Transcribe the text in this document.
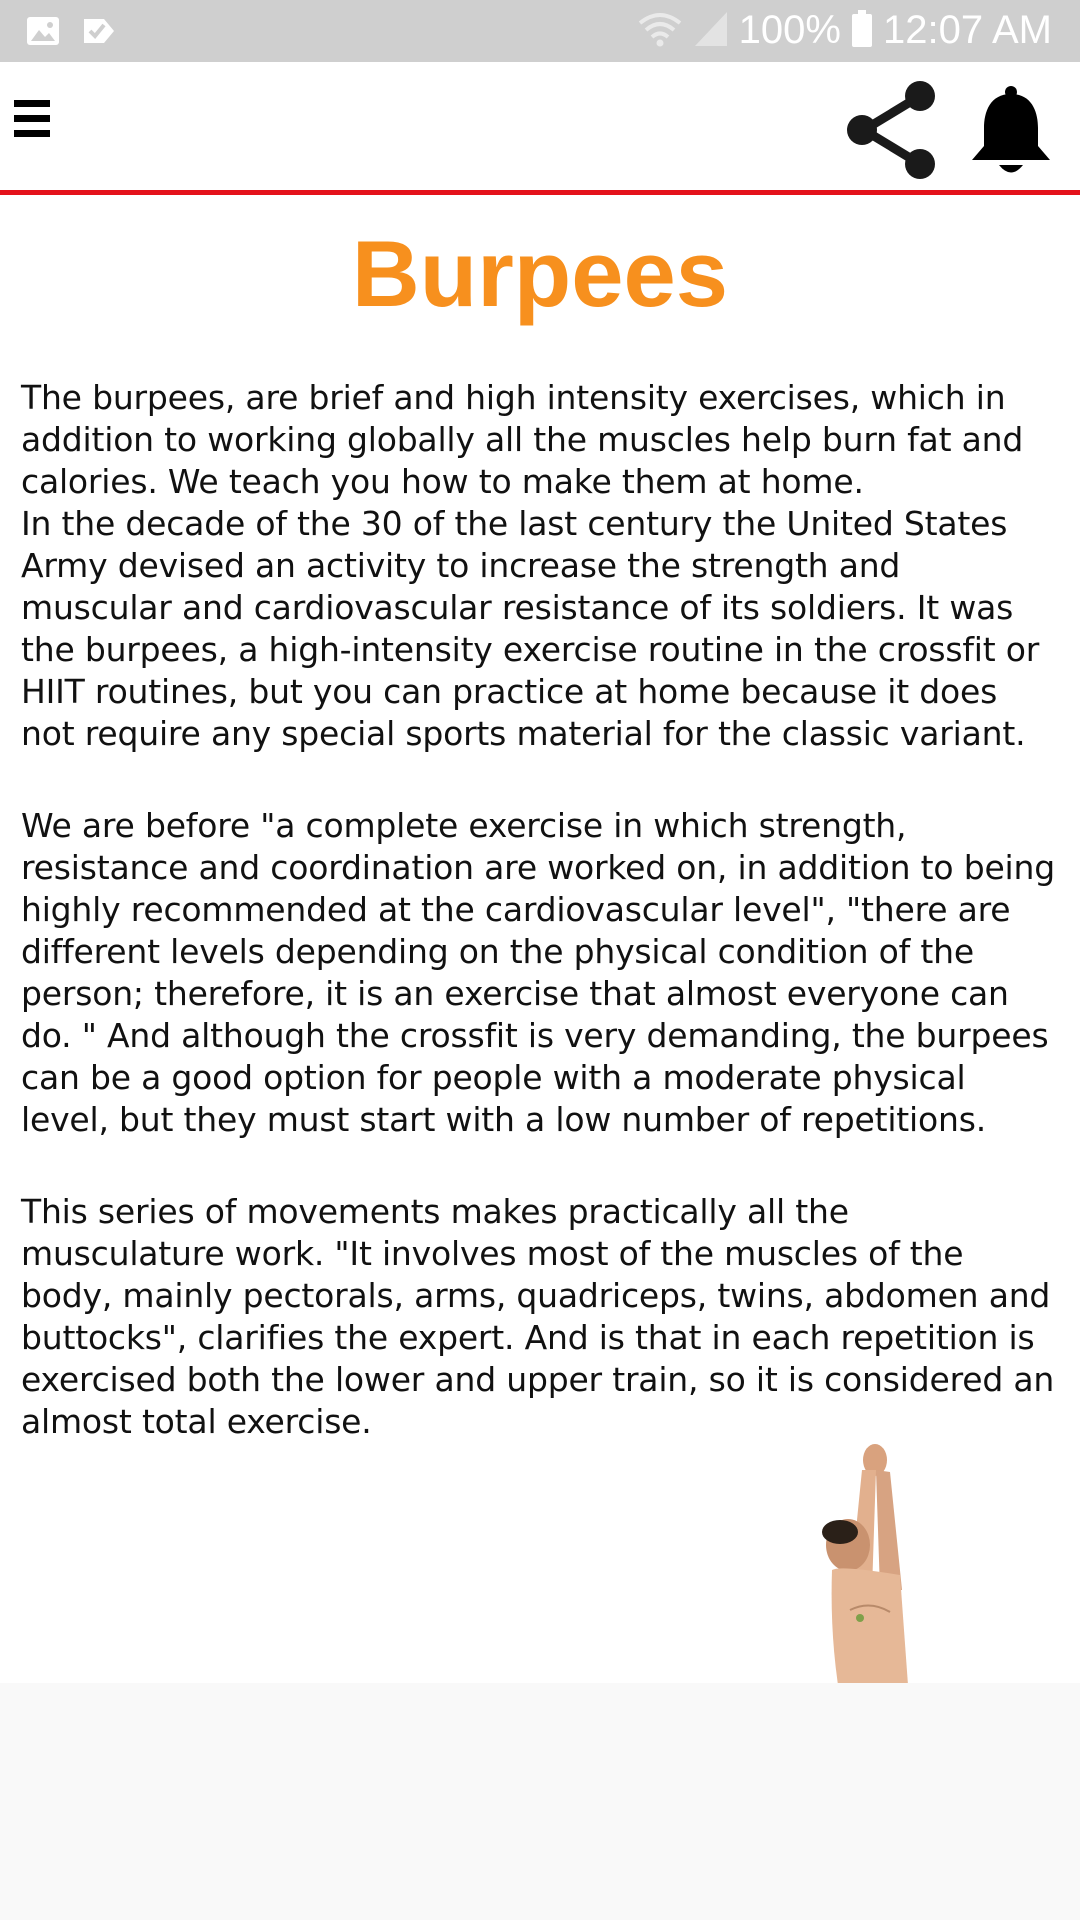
100% 12:07 AM
Burpees

The burpees, are brief and high intensity exercises, which in addition to working globally all the muscles help burn fat and calories. We teach you how to make them at home.
In the decade of the 30 of the last century the United States Army devised an activity to increase the strength and muscular and cardiovascular resistance of its soldiers. It was the burpees, a high-intensity exercise routine in the crossfit or HIIT routines, but you can practice at home because it does not require any special sports material for the classic variant.

We are before "a complete exercise in which strength, resistance and coordination are worked on, in addition to being highly recommended at the cardiovascular level", "there are different levels depending on the physical condition of the person; therefore, it is an exercise that almost everyone can do. " And although the crossfit is very demanding, the burpees can be a good option for people with a moderate physical level, but they must start with a low number of repetitions.

This series of movements makes practically all the musculature work. "It involves most of the muscles of the body, mainly pectorals, arms, quadriceps, twins, abdomen and buttocks", clarifies the expert. And is that in each repetition is exercised both the lower and upper train, so it is considered an almost total exercise.
